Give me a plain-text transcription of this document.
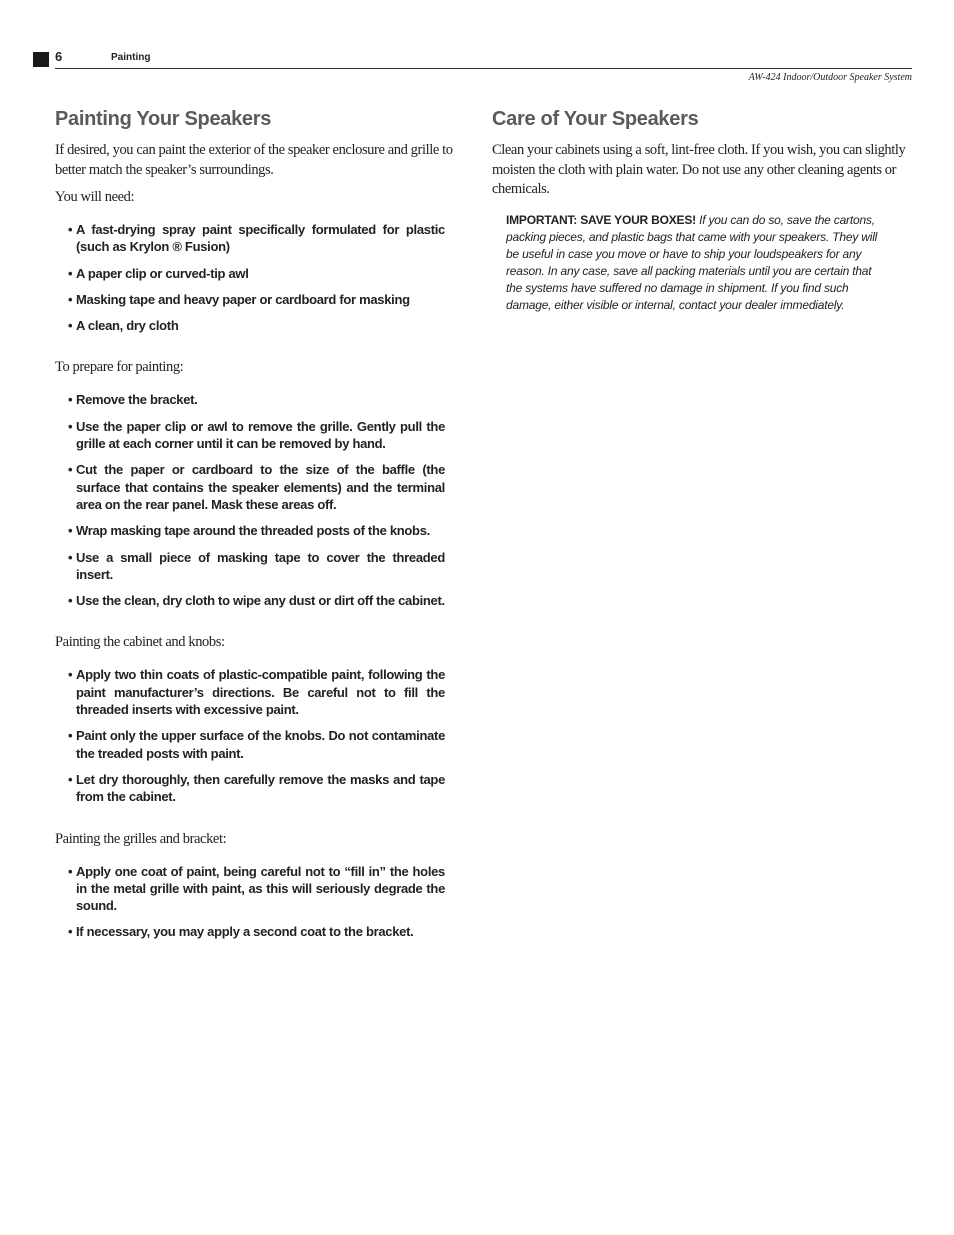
6	Painting
AW-424 Indoor/Outdoor Speaker System
Painting Your Speakers

If desired, you can paint the exterior of the speaker enclosure and grille to better match the speaker’s surroundings.

You will need:

• A fast-drying spray paint specifically formulated for plastic (such as Krylon ® Fusion)
• A paper clip or curved-tip awl
• Masking tape and heavy paper or cardboard for masking
• A clean, dry cloth

To prepare for painting:

• Remove the bracket.
• Use the paper clip or awl to remove the grille. Gently pull the grille at each corner until it can be removed by hand.
• Cut the paper or cardboard to the size of the baffle (the surface that contains the speaker elements) and the terminal area on the rear panel. Mask these areas off.
• Wrap masking tape around the threaded posts of the knobs.
• Use a small piece of masking tape to cover the threaded insert.
• Use the clean, dry cloth to wipe any dust or dirt off the cabinet.

Painting the cabinet and knobs:

• Apply two thin coats of plastic-compatible paint, following the paint manufacturer’s directions. Be careful not to fill the threaded inserts with excessive paint.
• Paint only the upper surface of the knobs. Do not contaminate the treaded posts with paint.
• Let dry thoroughly, then carefully remove the masks and tape from the cabinet.

Painting the grilles and bracket:

• Apply one coat of paint, being careful not to “fill in” the holes in the metal grille with paint, as this will seriously degrade the sound.
• If necessary, you may apply a second coat to the bracket.
Care of Your Speakers

Clean your cabinets using a soft, lint-free cloth. If you wish, you can slightly moisten the cloth with plain water. Do not use any other cleaning agents or chemicals.

IMPORTANT: SAVE YOUR BOXES! If you can do so, save the cartons, packing pieces, and plastic bags that came with your speakers. They will be useful in case you move or have to ship your loudspeakers for any reason. In any case, save all packing materials until you are certain that the systems have suffered no damage in shipment. If you find such damage, either visible or internal, contact your dealer immediately.
